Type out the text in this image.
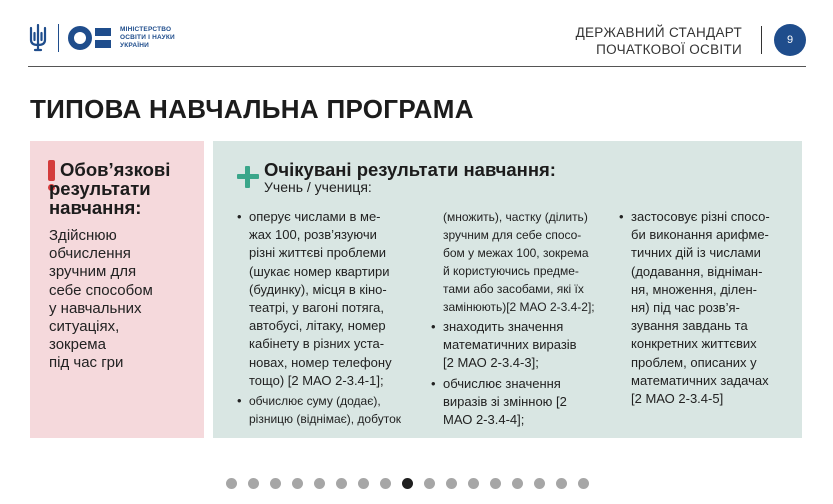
МІНІСТЕРСТВО
ОСВІТИ І НАУКИ
УКРАЇНИ
ДЕРЖАВНИЙ СТАНДАРТ
ПОЧАТКОВОЇ ОСВІТИ
9
ТИПОВА НАВЧАЛЬНА ПРОГРАМА
Обов’язкові
результати
навчання:
Здійснюю
обчислення
зручним для
себе способом
у навчальних
ситуаціях,
зокрема
під час гри
Очікувані результати навчання:
Учень / учениця:
• оперує числами в ме-
жах 100, розв’язуючи
різні життєві проблеми
(шукає номер квартири
(будинку), місця в кіно-
театрі, у вагоні потяга,
автобусі, літаку, номер
кабінету в різних уста-
новах, номер телефону
тощо) [2 МАО 2-3.4-1];
• обчислює суму (додає),
різницю (віднімає), добуток
(множить), частку (ділить)
зручним для себе спосо-
бом у межах 100, зокрема
й користуючись предме-
тами або засобами, які їх
замінюють)[2 МАО 2-3.4-2];
• знаходить значення
математичних виразів
[2 МАО 2-3.4-3];
• обчислює значення
виразів зі змінною [2
МАО 2-3.4-4];
• застосовує різні спосо-
би виконання арифме-
тичних дій із числами
(додавання, відніман-
ня, множення, ділен-
ня) під час розв’я-
зування завдань та
конкретних життєвих
проблем, описаних у
математичних задачах
[2 МАО 2-3.4-5]
